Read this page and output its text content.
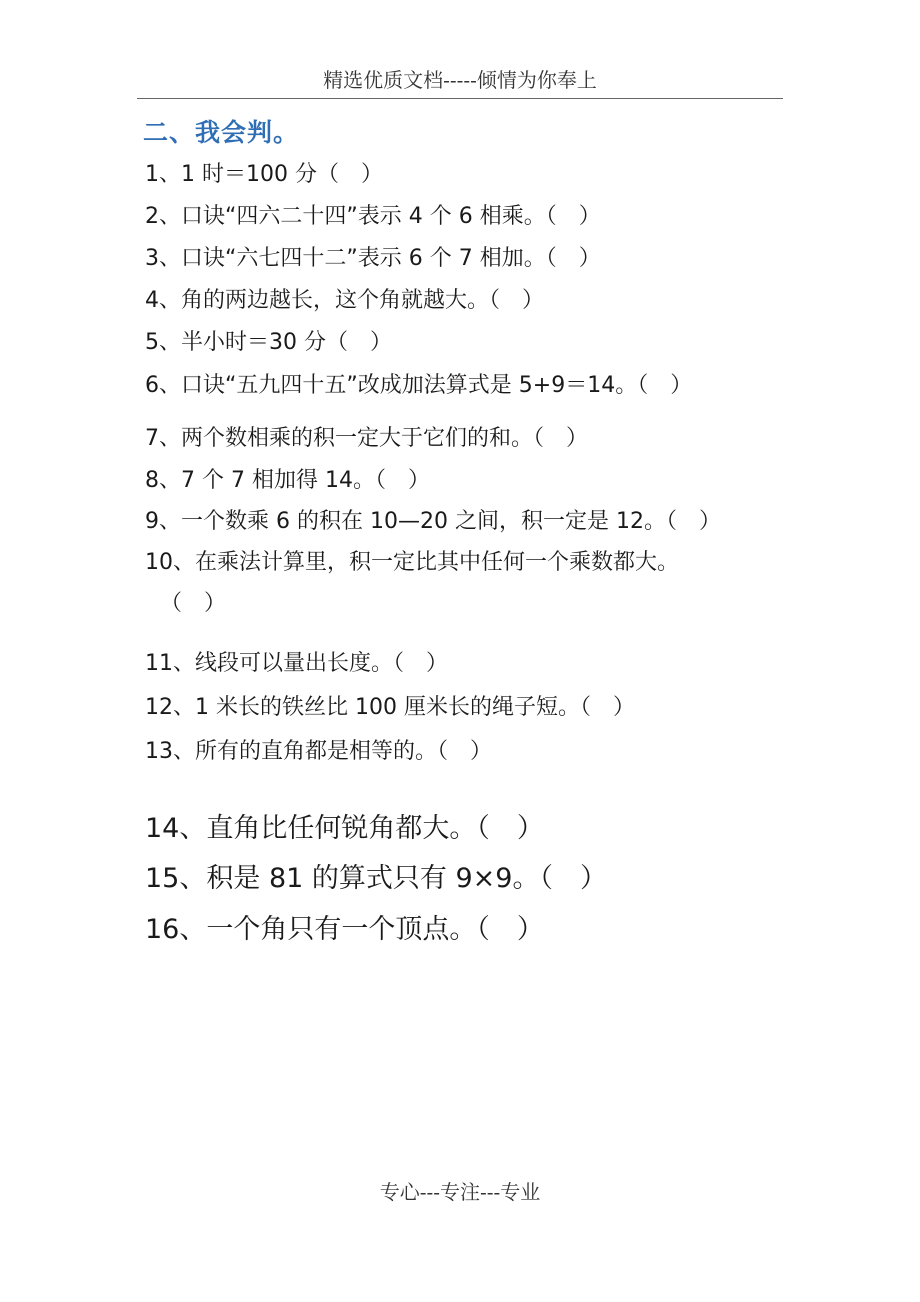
精选优质文档-----倾情为你奉上
二、我会判。
1、1 时＝100 分（　）
2、口诀“四六二十四”表示 4 个 6 相乘。（　）
3、口诀“六七四十二”表示 6 个 7 相加。（　）
4、角的两边越长，这个角就越大。（　）
5、半小时＝30 分（　）
6、口诀“五九四十五”改成加法算式是 5+9＝14。（　）
7、两个数相乘的积一定大于它们的和。（　）
8、7 个 7 相加得 14。（　）
9、一个数乘 6 的积在 10—20 之间，积一定是 12。（　）
10、在乘法计算里，积一定比其中任何一个乘数都大。
（　）
11、线段可以量出长度。（　）
12、1 米长的铁丝比 100 厘米长的绳子短。（　）
13、所有的直角都是相等的。（　）
14、直角比任何锐角都大。（　）
15、积是 81 的算式只有 9×9。（　）
16、一个角只有一个顶点。（　）
专心---专注---专业
